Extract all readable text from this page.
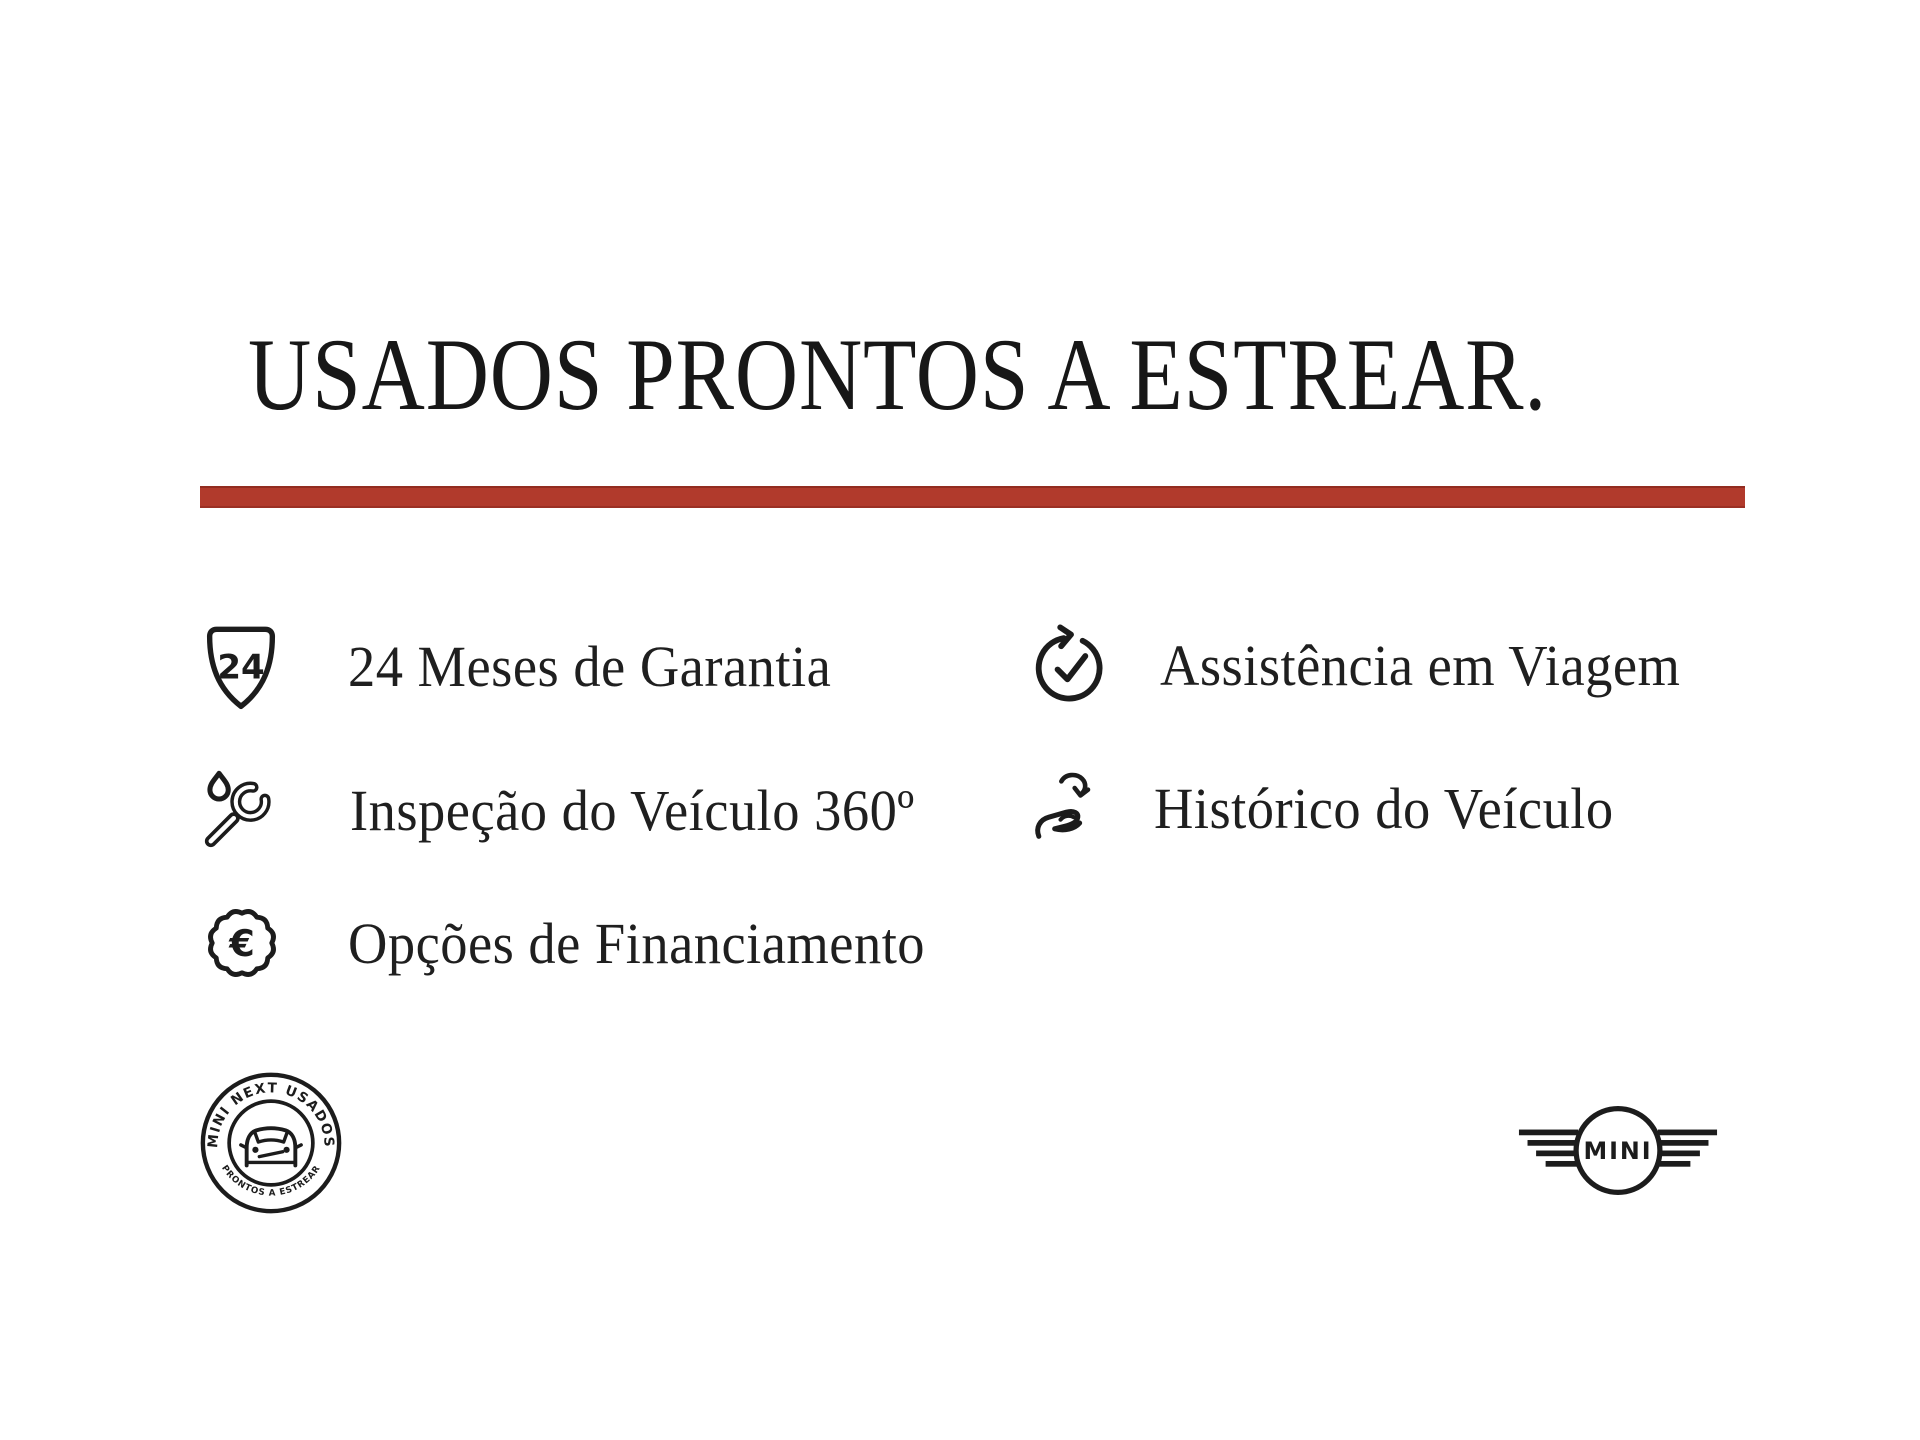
USADOS PRONTOS A ESTREAR.
24 24 Meses de Garantia	Assistência em Viagem
Inspeção do Veículo 360º	Histórico do Veículo
€ Opções de Financiamento
MINI NEXT USADOS
PRONTOS A ESTREAR
MINI
